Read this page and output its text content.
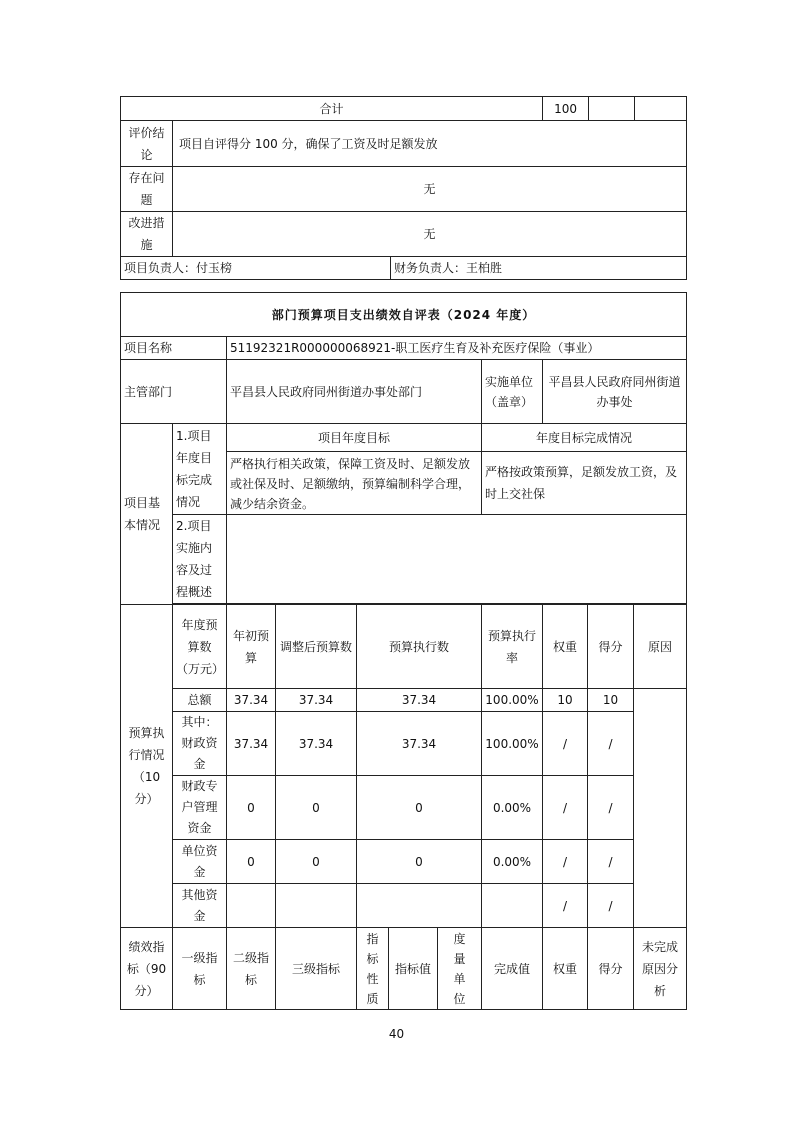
合计			100		
评价结论	项目自评得分 100 分，确保了工资及时足额发放				
存在问题	无				
改进措施	无				
项目负责人：付玉榜		财务负责人：王柏胜			
部门预算项目支出绩效自评表（2024 年度）										
项目名称		51192321R000000068921-职工医疗生育及补充医疗保险（事业）								
主管部门		平昌县人民政府同州街道办事处部门					实施单位（盖章）	平昌县人民政府同州街道办事处		
项目基本情况	1.项目年度目标完成情况	项目年度目标					年度目标完成情况			
		严格执行相关政策，保障工资及时、足额发放或社保及时、足额缴纳，预算编制科学合理，减少结余资金。					严格按政策预算，足额发放工资，及时上交社保			
	2.项目实施内容及过程概述									

预算执行情况（10分）	年度预算数（万元）	年初预算	调整后预算数	预算执行数			预算执行率	权重	得分	原因
	总额	37.34	37.34	37.34			100.00%	10	10	
	其中：财政资金	37.34	37.34	37.34			100.00%	/	/	
	财政专户管理资金	0	0	0			0.00%	/	/	
	单位资金	0	0	0			0.00%	/	/	
	其他资金							/	/	
绩效指标（90分）	一级指标	二级指标	三级指标	指标性质	指标值	度量单位	完成值	权重	得分	未完成原因分析
40
